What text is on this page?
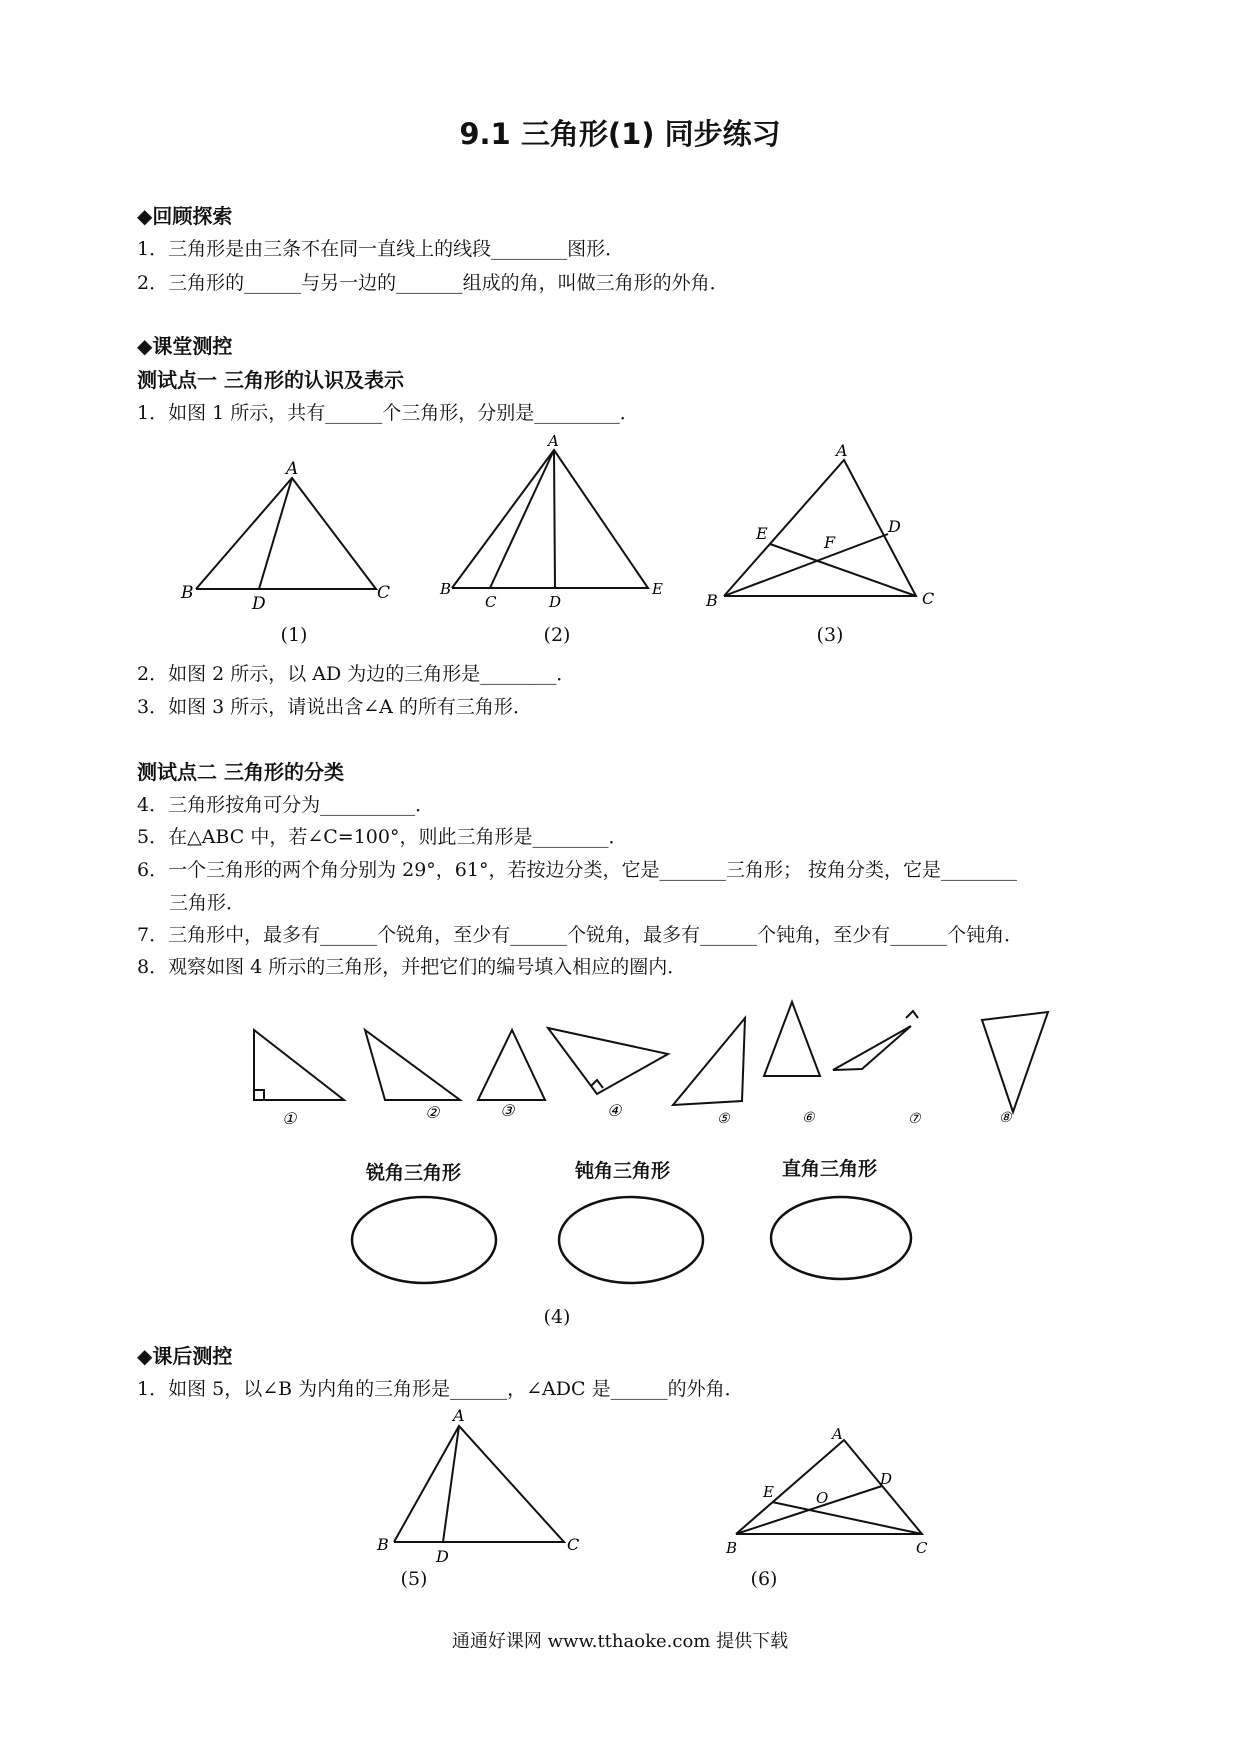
9.1 三角形(1) 同步练习
◆回顾探索
1．三角形是由三条不在同一直线上的线段________图形．
2．三角形的______与另一边的_______组成的角，叫做三角形的外角．
◆课堂测控
测试点一 三角形的认识及表示
1．如图 1 所示，共有______个三角形，分别是_________．
A
B
D
C
A
B
C	D
E
A
B	C
D
E	F
(1)	(2)	(3)
2．如图 2 所示，以 AD 为边的三角形是________．
3．如图 3 所示，请说出含∠A 的所有三角形．
测试点二 三角形的分类
4．三角形按角可分为__________．
5．在△ABC 中，若∠C=100°，则此三角形是________．
6．一个三角形的两个角分别为 29°，61°，若按边分类，它是_______三角形； 按角分类，它是________
三角形．
7．三角形中，最多有______个锐角，至少有______个锐角，最多有______个钝角，至少有______个钝角．
8．观察如图 4 所示的三角形，并把它们的编号填入相应的圈内．
①	②	③	④	⑤	⑥	⑦	⑧
锐角三角形	钝角三角形	直角三角形
(4)
◆课后测控
1．如图 5，以∠B 为内角的三角形是______，∠ADC 是______的外角．
A
B
D
C
A
B	C
D
E	O
(5)	(6)
通通好课网 www.tthaoke.com 提供下载
